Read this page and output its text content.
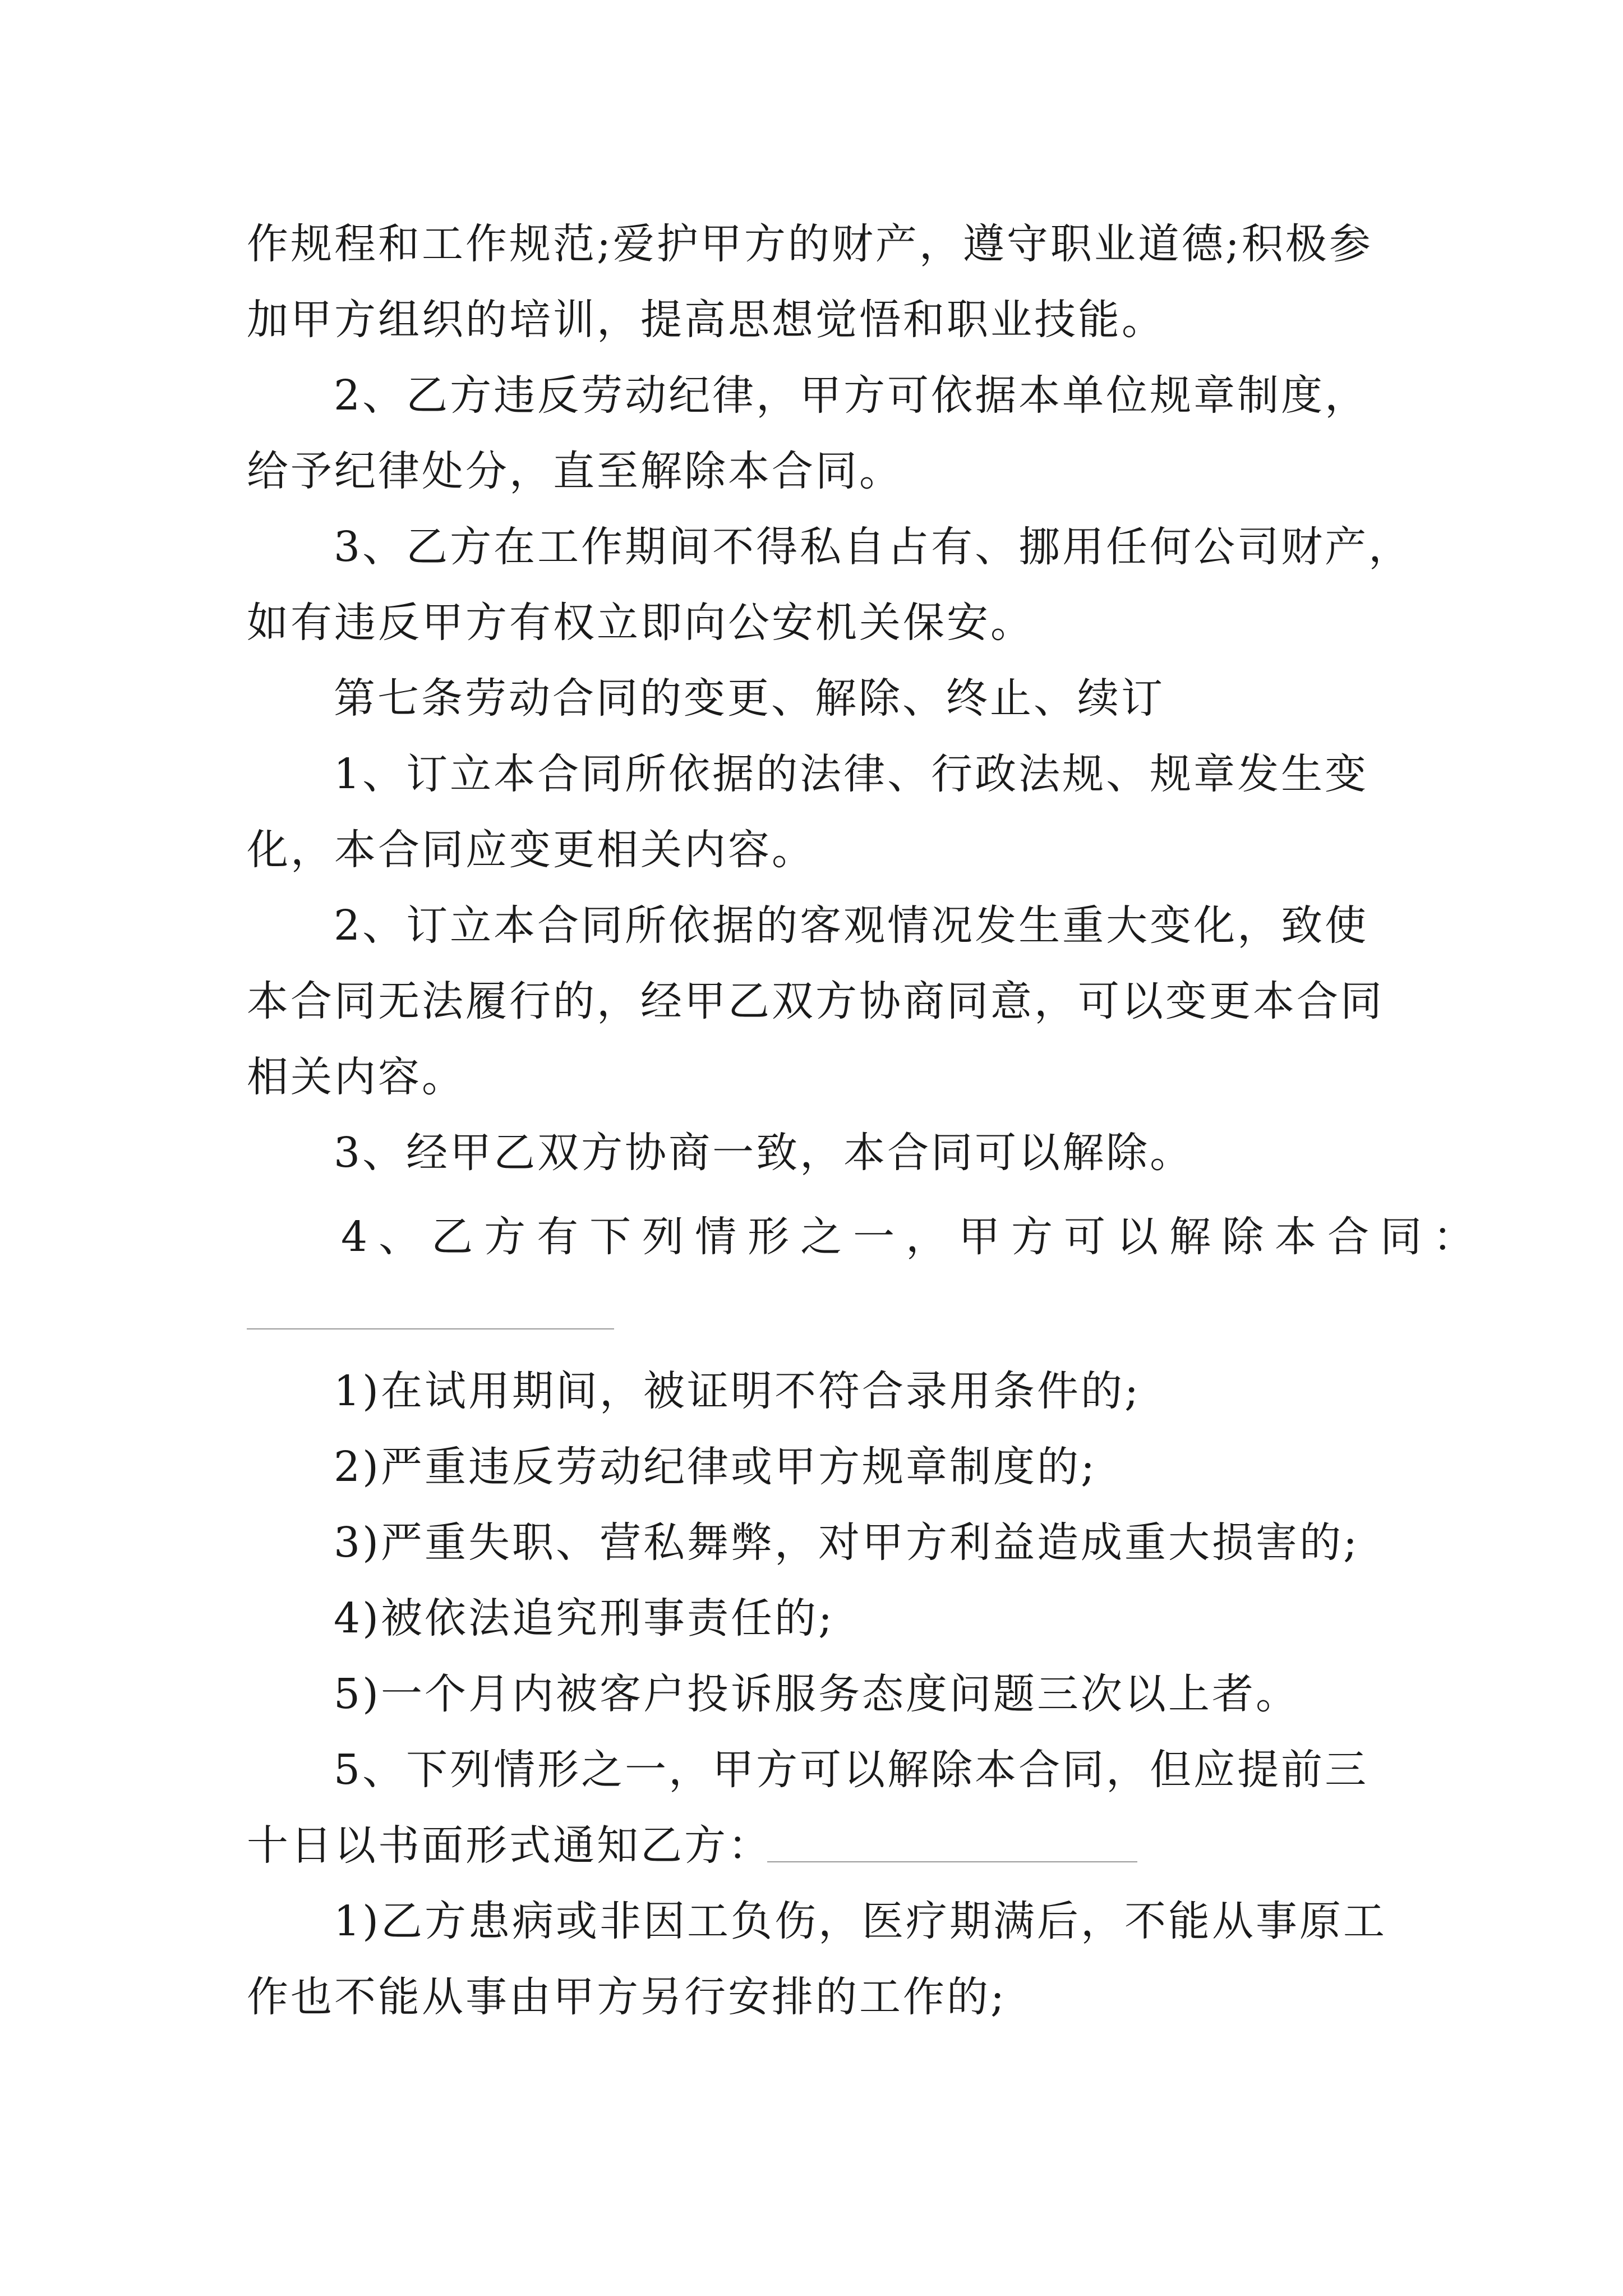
作规程和工作规范;爱护甲方的财产，遵守职业道德;积极参
加甲方组织的培训，提高思想觉悟和职业技能。
2、乙方违反劳动纪律，甲方可依据本单位规章制度，
给予纪律处分，直至解除本合同。
3、乙方在工作期间不得私自占有、挪用任何公司财产，
如有违反甲方有权立即向公安机关保安。
第七条劳动合同的变更、解除、终止、续订
1、订立本合同所依据的法律、行政法规、规章发生变
化，本合同应变更相关内容。
2、订立本合同所依据的客观情况发生重大变化，致使
本合同无法履行的，经甲乙双方协商同意，可以变更本合同
相关内容。
3、经甲乙双方协商一致，本合同可以解除。
4、乙方有下列情形之一，甲方可以解除本合同：
1)在试用期间，被证明不符合录用条件的;
2)严重违反劳动纪律或甲方规章制度的;
3)严重失职、营私舞弊，对甲方利益造成重大损害的;
4)被依法追究刑事责任的;
5)一个月内被客户投诉服务态度问题三次以上者。
5、下列情形之一，甲方可以解除本合同，但应提前三
十日以书面形式通知乙方：
1)乙方患病或非因工负伤，医疗期满后，不能从事原工
作也不能从事由甲方另行安排的工作的;
